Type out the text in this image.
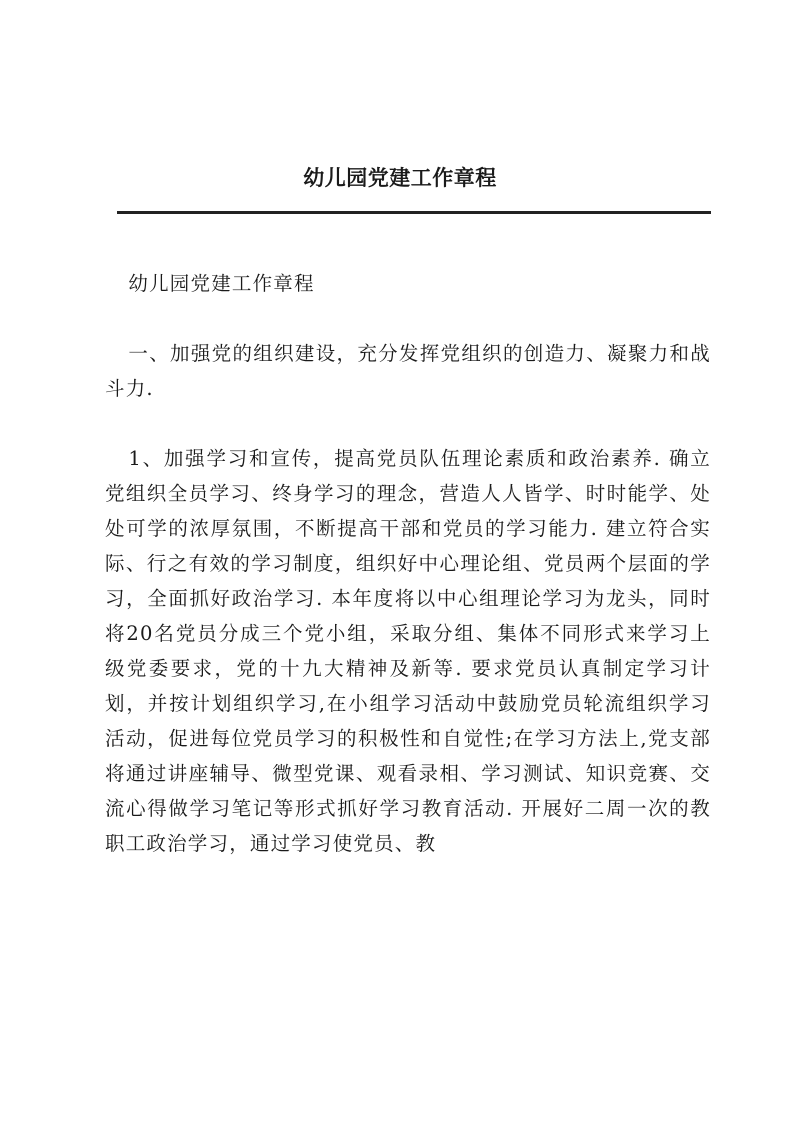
幼儿园党建工作章程

幼儿园党建工作章程

一、加强党的组织建设，充分发挥党组织的创造力、凝聚力和战斗力.

1、加强学习和宣传，提高党员队伍理论素质和政治素养. 确立党组织全员学习、终身学习的理念，营造人人皆学、时时能学、处处可学的浓厚氛围，不断提高干部和党员的学习能力. 建立符合实际、行之有效的学习制度，组织好中心理论组、党员两个层面的学习，全面抓好政治学习. 本年度将以中心组理论学习为龙头，同时将20名党员分成三个党小组，采取分组、集体不同形式来学习上级党委要求，党的十九大精神及新等. 要求党员认真制定学习计划，并按计划组织学习,在小组学习活动中鼓励党员轮流组织学习活动，促进每位党员学习的积极性和自觉性;在学习方法上,党支部将通过讲座辅导、微型党课、观看录相、学习测试、知识竞赛、交流心得做学习笔记等形式抓好学习教育活动. 开展好二周一次的教职工政治学习，通过学习使党员、教
